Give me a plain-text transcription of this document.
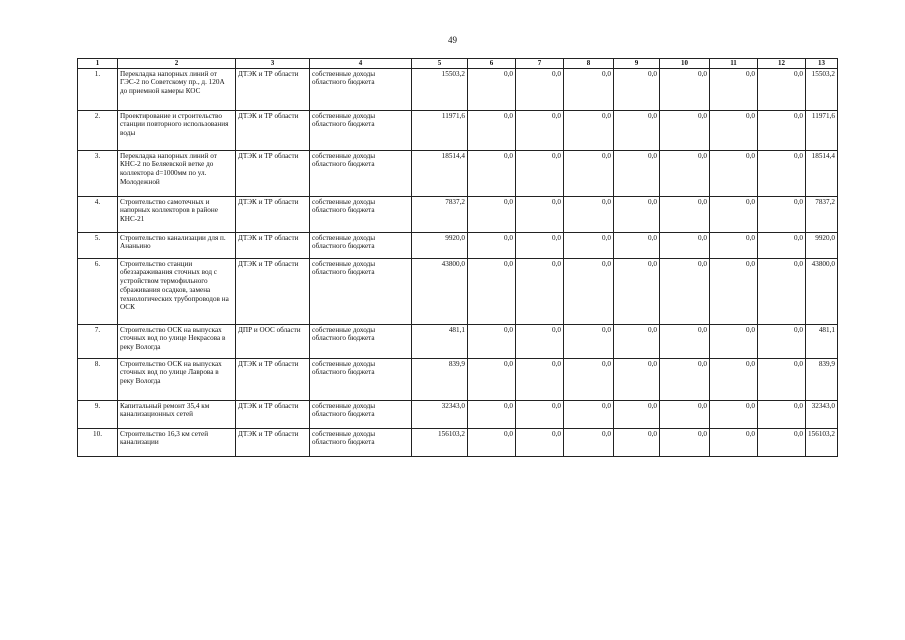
49
1	2	3	4	5	6	7	8	9	10	11	12	13
1.	Перекладка напорных линий от ГЭС-2 по Советскому пр., д. 120А до приемной камеры КОС	ДТЭК и ТР области	собственные доходы областного бюджета	15503,2	0,0	0,0	0,0	0,0	0,0	0,0	0,0	15503,2
2.	Проектирование и строительство станции повторного использования воды	ДТЭК и ТР области	собственные доходы областного бюджета	11971,6	0,0	0,0	0,0	0,0	0,0	0,0	0,0	11971,6
3.	Перекладка напорных линий от КНС-2 по Беляевской ветке до коллектора d=1000мм по ул. Молодежной	ДТЭК и ТР области	собственные доходы областного бюджета	18514,4	0,0	0,0	0,0	0,0	0,0	0,0	0,0	18514,4
4.	Строительство самотечных и напорных коллекторов в районе КНС-21	ДТЭК и ТР области	собственные доходы областного бюджета	7837,2	0,0	0,0	0,0	0,0	0,0	0,0	0,0	7837,2
5.	Строительство канализации для п. Ананьино	ДТЭК и ТР области	собственные доходы областного бюджета	9920,0	0,0	0,0	0,0	0,0	0,0	0,0	0,0	9920,0
6.	Строительство станции обеззараживания сточных вод с устройством термофильного сбраживания осадков, замена технологических трубопроводов на ОСК	ДТЭК и ТР области	собственные доходы областного бюджета	43800,0	0,0	0,0	0,0	0,0	0,0	0,0	0,0	43800,0
7.	Строительство ОСК на выпусках сточных вод по улице Некрасова в реку Вологда	ДПР и ООС области	собственные доходы областного бюджета	481,1	0,0	0,0	0,0	0,0	0,0	0,0	0,0	481,1
8.	Строительство ОСК на выпусках сточных вод по улице Лаврова в реку Вологда	ДТЭК и ТР области	собственные доходы областного бюджета	839,9	0,0	0,0	0,0	0,0	0,0	0,0	0,0	839,9
9.	Капитальный ремонт 35,4 км канализационных сетей	ДТЭК и ТР области	собственные доходы областного бюджета	32343,0	0,0	0,0	0,0	0,0	0,0	0,0	0,0	32343,0
10.	Строительство 16,3 км сетей канализации	ДТЭК и ТР области	собственные доходы областного бюджета	156103,2	0,0	0,0	0,0	0,0	0,0	0,0	0,0	156103,2
